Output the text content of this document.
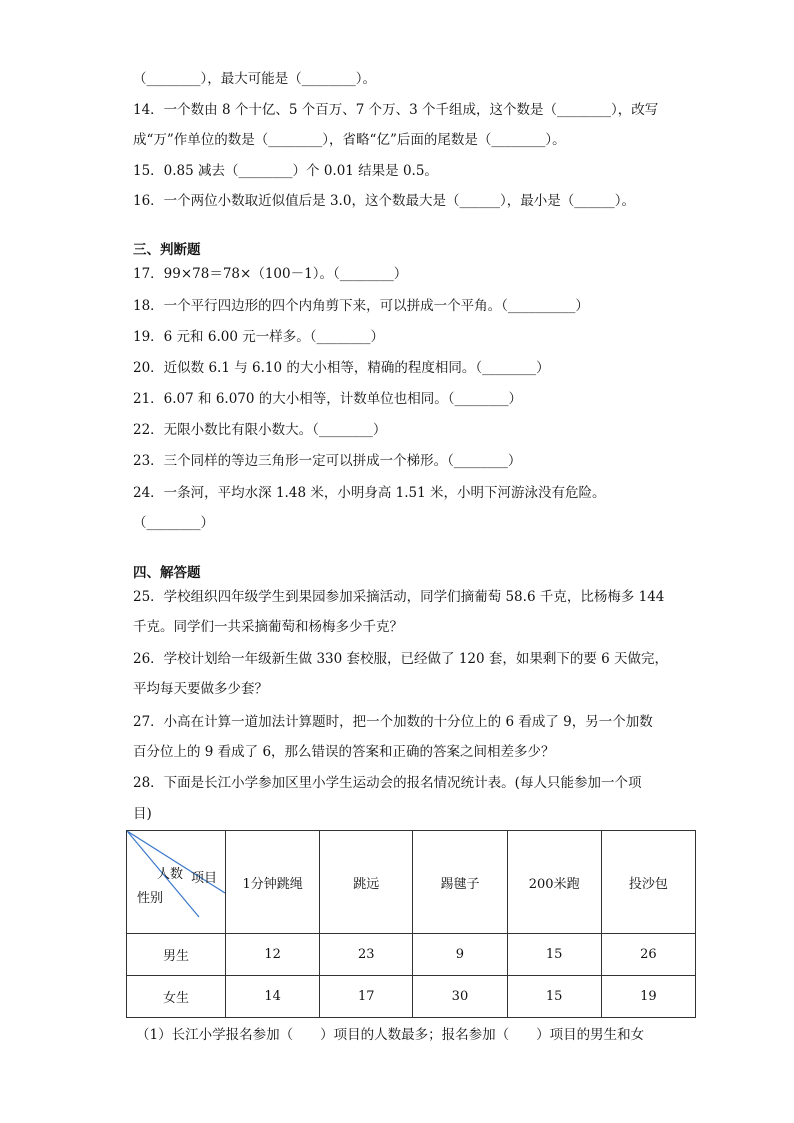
（________），最大可能是（________）。
14．一个数由 8 个十亿、5 个百万、7 个万、3 个千组成，这个数是（________），改写
成“万”作单位的数是（________），省略“亿”后面的尾数是（________）。
15．0.85 减去（________）个 0.01 结果是 0.5。
16．一个两位小数取近似值后是 3.0，这个数最大是（______），最小是（______）。
三、判断题
17．99×78＝78×（100－1）。（________）
18．一个平行四边形的四个内角剪下来，可以拼成一个平角。（__________）
19．6 元和 6.00 元一样多。（________）
20．近似数 6.1 与 6.10 的大小相等，精确的程度相同。（________）
21．6.07 和 6.070 的大小相等，计数单位也相同。（________）
22．无限小数比有限小数大。（________）
23．三个同样的等边三角形一定可以拼成一个梯形。（________）
24．一条河，平均水深 1.48 米，小明身高 1.51 米，小明下河游泳没有危险。
（________）
四、解答题
25．学校组织四年级学生到果园参加采摘活动，同学们摘葡萄 58.6 千克，比杨梅多 144
千克。同学们一共采摘葡萄和杨梅多少千克？
26．学校计划给一年级新生做 330 套校服，已经做了 120 套，如果剩下的要 6 天做完，
平均每天要做多少套？
27．小高在计算一道加法计算题时，把一个加数的十分位上的 6 看成了 9，另一个加数
百分位上的 9 看成了 6，那么错误的答案和正确的答案之间相差多少？
28．下面是长江小学参加区里小学生运动会的报名情况统计表。(每人只能参加一个项
目)
项目
人数
性别	1分钟跳绳	跳远	踢毽子	200米跑	投沙包
男生	12	23	9	15	26
女生	14	17	30	15	19
（1）长江小学报名参加（　　）项目的人数最多；报名参加（　　）项目的男生和女
